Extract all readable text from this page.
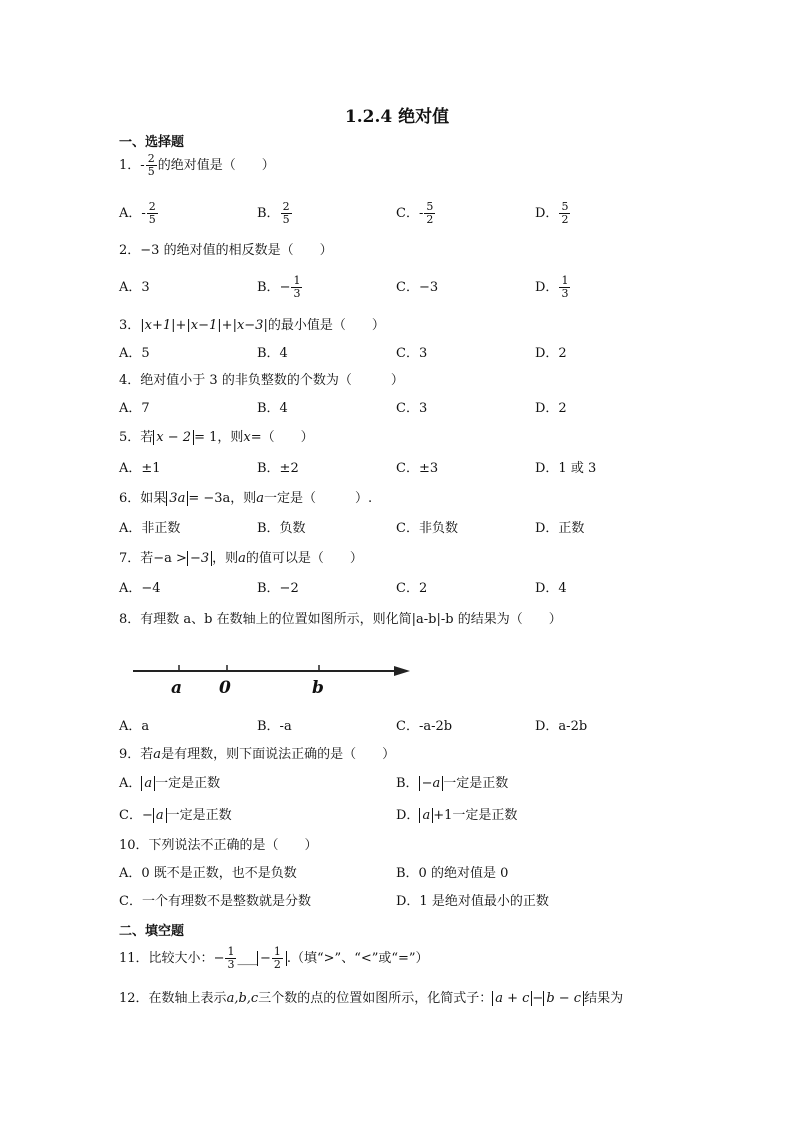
1.2.4 绝对值
一、选择题
1．- $\frac{2}{5}$ 的绝对值是（　　）
A．- $\frac{2}{5}$	B． $\frac{2}{5}$	C．- $\frac{5}{2}$	D． $\frac{5}{2}$
2．−3 的绝对值的相反数是（　　）
A．3	B．− $\frac{1}{3}$	C．−3	D． $\frac{1}{3}$
3．|x+1|+|x−1|+|x−3|的最小值是（　　）
A．5	B．4	C．3	D．2
4．绝对值小于 3 的非负整数的个数为（　　　）
A．7	B．4	C．3	D．2
5．若 x − 2 = 1，则x=（　　）
A．±1	B．±2	C．±3	D．1 或 3
6．如果 3a = −3a，则a一定是（　　　）.
A．非正数	B．负数	C．非负数	D．正数
7．若−a > −3 ，则a的值可以是（　　）
A．−4	B．−2	C．2	D．4
8．有理数 a、b 在数轴上的位置如图所示，则化简|a-b|-b 的结果为（　　）
a 0	b
A．a	B．-a	C．-a-2b	D．a-2b
9．若a是有理数，则下面说法正确的是（　　）
A． a 一定是正数	B． −a 一定是正数
C．− a 一定是正数	D． a +1一定是正数
10．下列说法不正确的是（　　）
A．0 既不是正数，也不是负数	B．0 的绝对值是 0
C．一个有理数不是整数就是分数	D．1 是绝对值最小的正数
二、填空题
11．比较大小：− $\frac{1}{3}$ ___ − $\frac{1}{2}$ .（填“>”、“<”或“=”）
12．在数轴上表示a,b,c三个数的点的位置如图所示，化简式子： a + c − b − c 结果为
